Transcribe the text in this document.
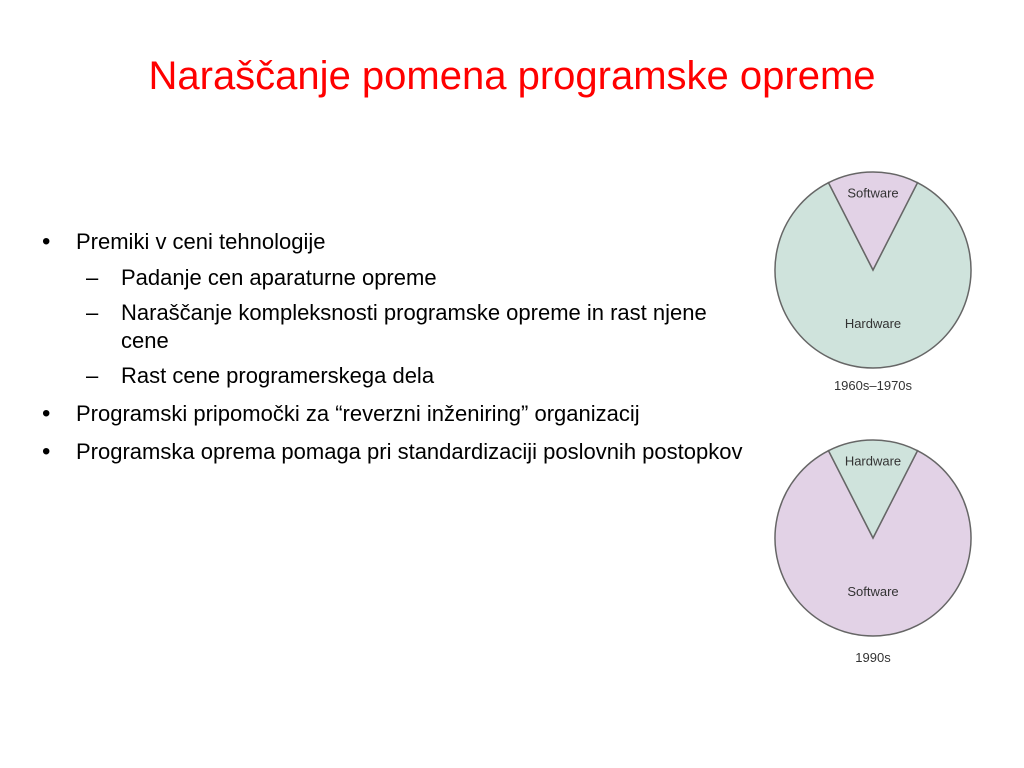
Naraščanje pomena programske opreme
• Premiki v ceni tehnologije
– Padanje cen aparaturne opreme
– Naraščanje kompleksnosti programske opreme in rast njene cene
– Rast cene programerskega dela
• Programski pripomočki za “reverzni inženiring” organizacij
• Programska oprema pomaga pri standardizaciji poslovnih postopkov
Software
Hardware
1960s–1970s
Hardware
Software
1990s
